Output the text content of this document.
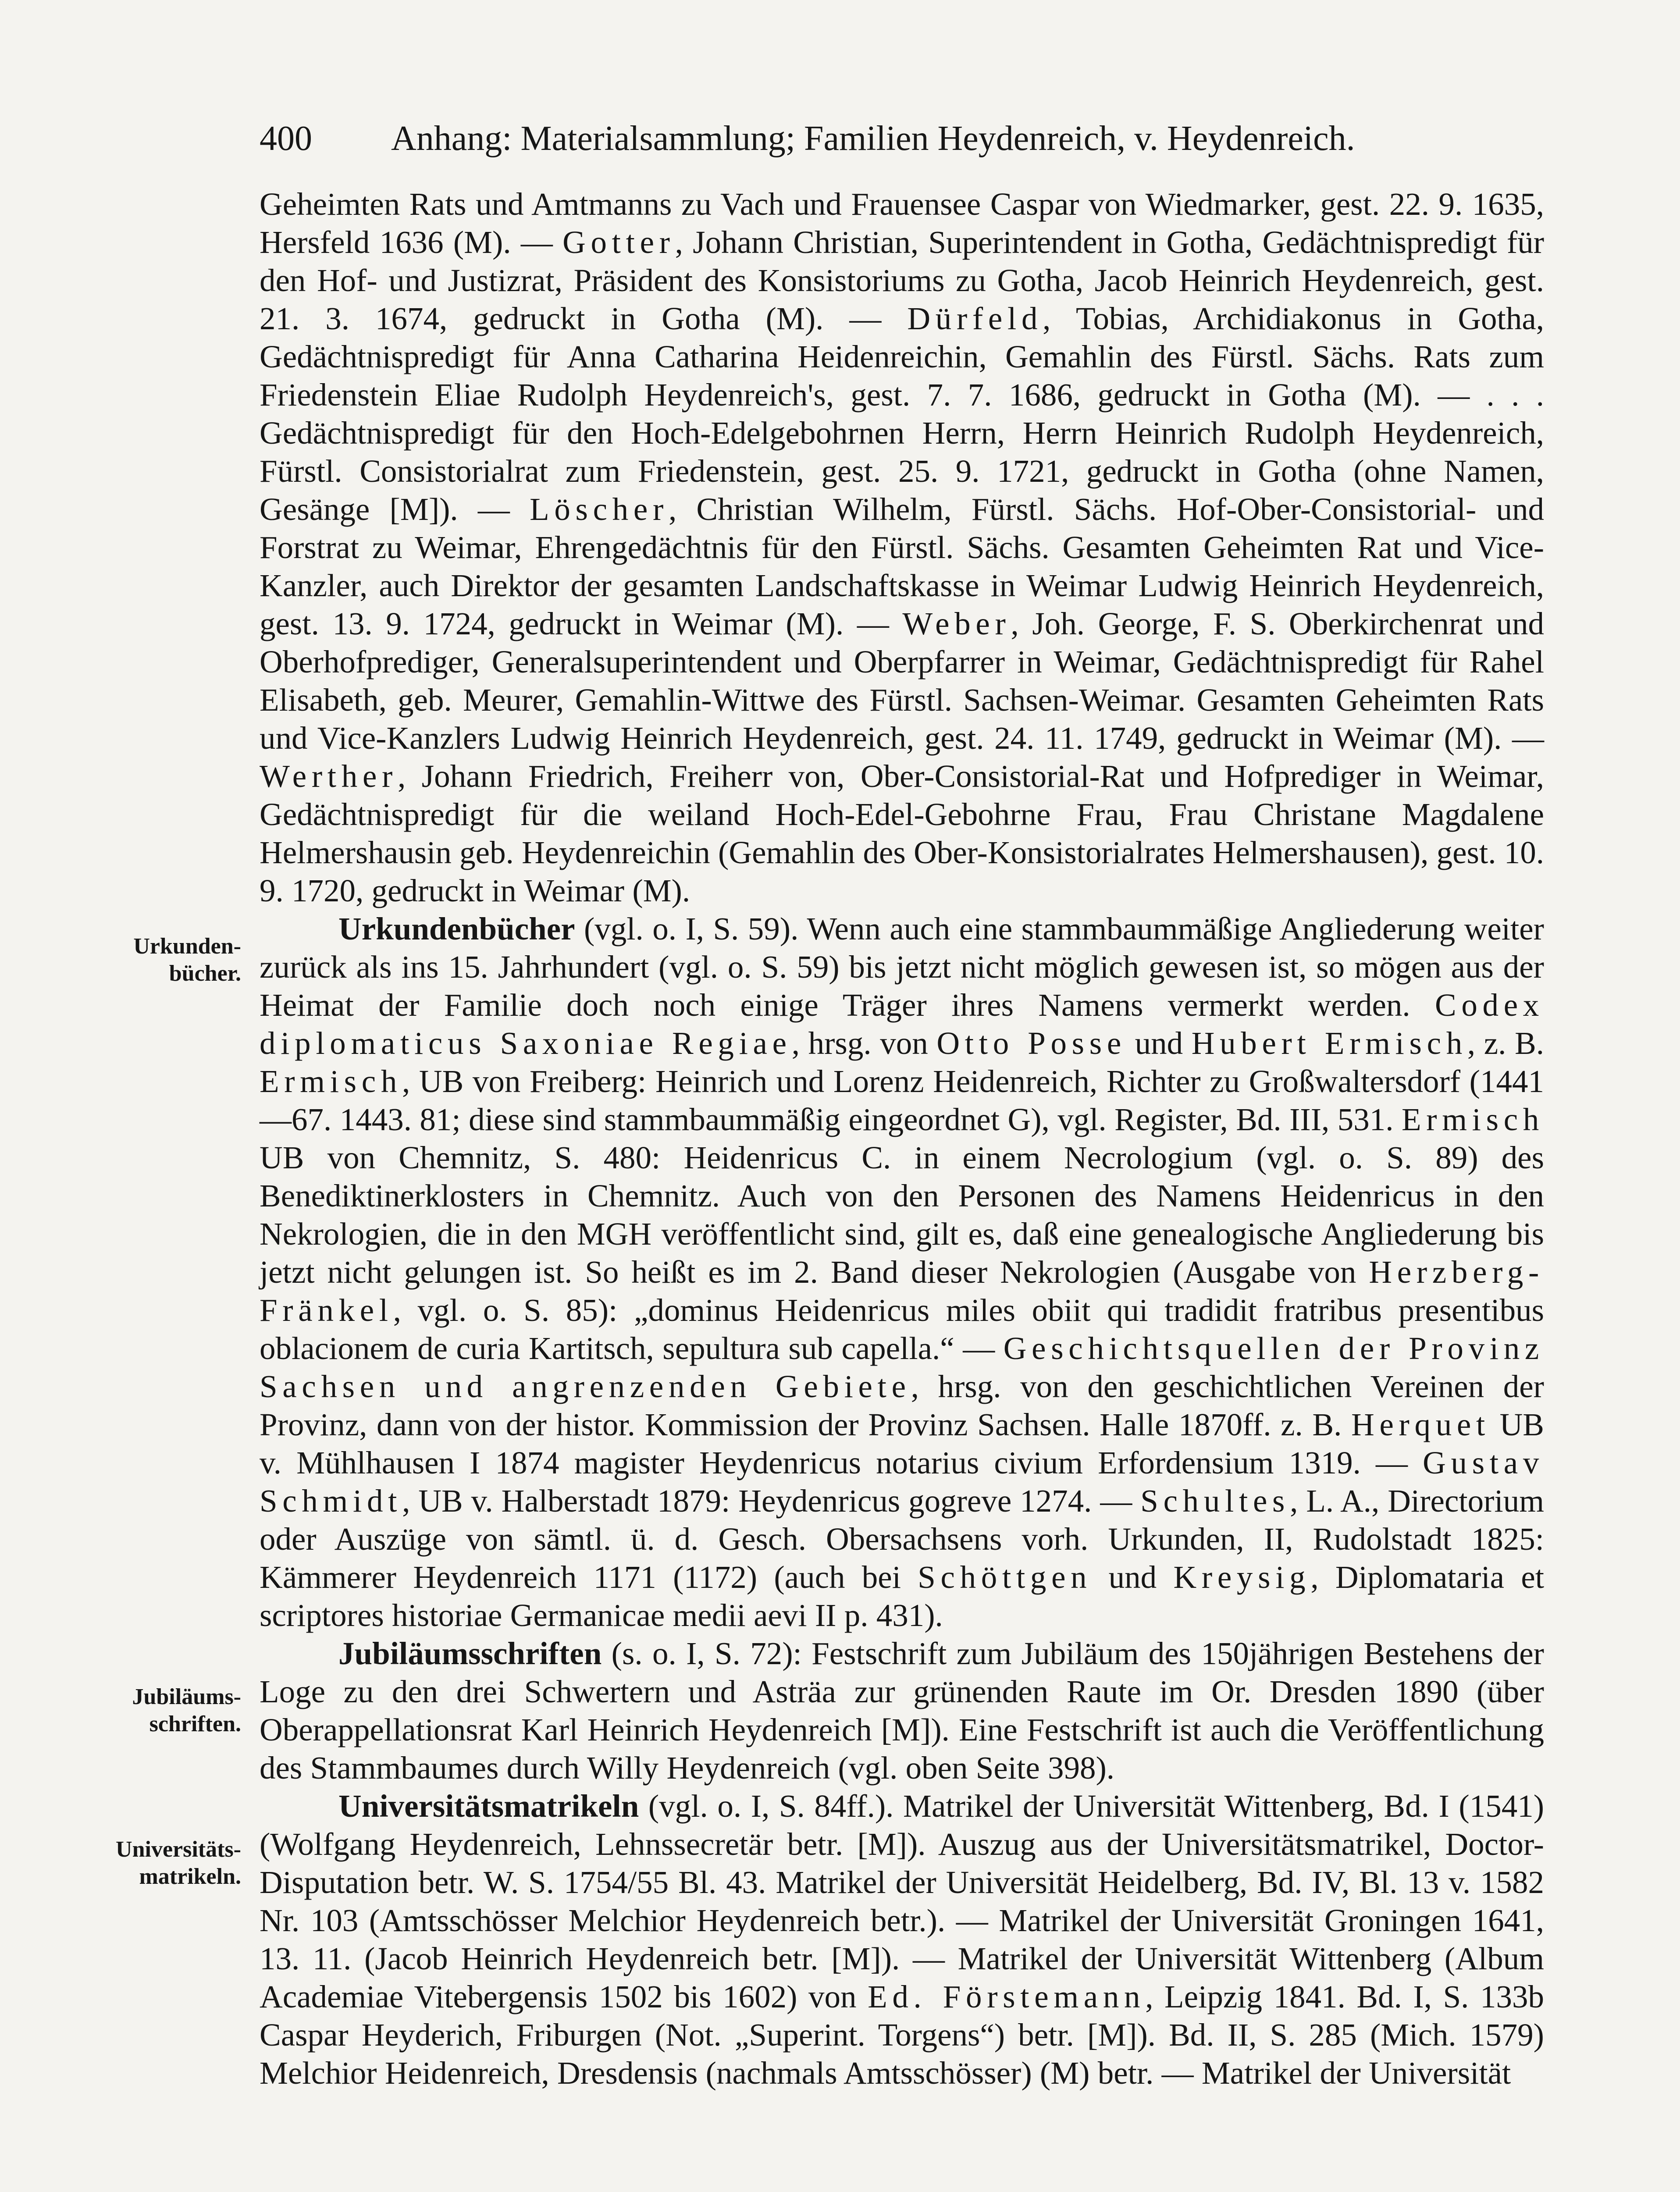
400 Anhang: Materialsammlung; Familien Heydenreich, v. Heydenreich.
Urkunden-
bücher.
Jubiläums-
schriften.
Universitäts-
matrikeln.

Geheimten Rats und Amtmanns zu Vach und Frauensee Caspar von Wiedmarker, gest. 22. 9. 1635, Hersfeld 1636 (M). — Gotter, Johann Christian, Superintendent in Gotha, Gedächtnispredigt für den Hof- und Justizrat, Präsident des Konsistoriums zu Gotha, Jacob Heinrich Heydenreich, gest. 21. 3. 1674, gedruckt in Gotha (M). — Dürfeld, Tobias, Archidiakonus in Gotha, Gedächtnispredigt für Anna Catharina Heidenreichin, Gemahlin des Fürstl. Sächs. Rats zum Friedenstein Eliae Rudolph Heydenreich's, gest. 7. 7. 1686, gedruckt in Gotha (M). — . . . Gedächtnispredigt für den Hoch-Edelgebohrnen Herrn, Herrn Heinrich Rudolph Heydenreich, Fürstl. Consistorialrat zum Friedenstein, gest. 25. 9. 1721, gedruckt in Gotha (ohne Namen, Gesänge [M]). — Löscher, Christian Wilhelm, Fürstl. Sächs. Hof-Ober-Consistorial- und Forstrat zu Weimar, Ehrengedächtnis für den Fürstl. Sächs. Gesamten Geheimten Rat und Vice-Kanzler, auch Direktor der gesamten Landschaftskasse in Weimar Ludwig Heinrich Heydenreich, gest. 13. 9. 1724, gedruckt in Weimar (M). — Weber, Joh. George, F. S. Oberkirchenrat und Oberhofprediger, Generalsuperintendent und Oberpfarrer in Weimar, Gedächtnispredigt für Rahel Elisabeth, geb. Meurer, Gemahlin-Wittwe des Fürstl. Sachsen-Weimar. Gesamten Geheimten Rats und Vice-Kanzlers Ludwig Heinrich Heydenreich, gest. 24. 11. 1749, gedruckt in Weimar (M). — Werther, Johann Friedrich, Freiherr von, Ober-Consistorial-Rat und Hofprediger in Weimar, Gedächtnispredigt für die weiland Hoch-Edel-Gebohrne Frau, Frau Christane Magdalene Helmershausin geb. Heydenreichin (Gemahlin des Ober-Konsistorialrates Helmershausen), gest. 10. 9. 1720, gedruckt in Weimar (M).

Urkundenbücher (vgl. o. I, S. 59). Wenn auch eine stammbaummäßige Angliederung weiter zurück als ins 15. Jahrhundert (vgl. o. S. 59) bis jetzt nicht möglich gewesen ist, so mögen aus der Heimat der Familie doch noch einige Träger ihres Namens vermerkt werden. Codex diplomaticus Saxoniae Regiae, hrsg. von Otto Posse und Hubert Ermisch, z. B. Ermisch, UB von Freiberg: Heinrich und Lorenz Heidenreich, Richter zu Großwaltersdorf (1441—67. 1443. 81; diese sind stammbaummäßig eingeordnet G), vgl. Register, Bd. III, 531. Ermisch UB von Chemnitz, S. 480: Heidenricus C. in einem Necrologium (vgl. o. S. 89) des Benediktinerklosters in Chemnitz. Auch von den Personen des Namens Heidenricus in den Nekrologien, die in den MGH veröffentlicht sind, gilt es, daß eine genealogische Angliederung bis jetzt nicht gelungen ist. So heißt es im 2. Band dieser Nekrologien (Ausgabe von Herzberg-Fränkel, vgl. o. S. 85): „dominus Heidenricus miles obiit qui tradidit fratribus presentibus oblacionem de curia Kartitsch, sepultura sub capella.“ — Geschichtsquellen der Provinz Sachsen und angrenzenden Gebiete, hrsg. von den geschichtlichen Vereinen der Provinz, dann von der histor. Kommission der Provinz Sachsen. Halle 1870ff. z. B. Herquet UB v. Mühlhausen I 1874 magister Heydenricus notarius civium Erfordensium 1319. — Gustav Schmidt, UB v. Halberstadt 1879: Heydenricus gogreve 1274. — Schultes, L. A., Directorium oder Auszüge von sämtl. ü. d. Gesch. Obersachsens vorh. Urkunden, II, Rudolstadt 1825: Kämmerer Heydenreich 1171 (1172) (auch bei Schöttgen und Kreysig, Diplomataria et scriptores historiae Germanicae medii aevi II p. 431).

Jubiläumsschriften (s. o. I, S. 72): Festschrift zum Jubiläum des 150jährigen Bestehens der Loge zu den drei Schwertern und Asträa zur grünenden Raute im Or. Dresden 1890 (über Oberappellationsrat Karl Heinrich Heydenreich [M]). Eine Festschrift ist auch die Veröffentlichung des Stammbaumes durch Willy Heydenreich (vgl. oben Seite 398).

Universitätsmatrikeln (vgl. o. I, S. 84ff.). Matrikel der Universität Wittenberg, Bd. I (1541) (Wolfgang Heydenreich, Lehnssecretär betr. [M]). Auszug aus der Universitätsmatrikel, Doctor-Disputation betr. W. S. 1754/55 Bl. 43. Matrikel der Universität Heidelberg, Bd. IV, Bl. 13 v. 1582 Nr. 103 (Amtsschösser Melchior Heydenreich betr.). — Matrikel der Universität Groningen 1641, 13. 11. (Jacob Heinrich Heydenreich betr. [M]). — Matrikel der Universität Wittenberg (Album Academiae Vitebergensis 1502 bis 1602) von Ed. Förstemann, Leipzig 1841. Bd. I, S. 133b Caspar Heyderich, Friburgen (Not. „Superint. Torgens“) betr. [M]). Bd. II, S. 285 (Mich. 1579) Melchior Heidenreich, Dresdensis (nachmals Amtsschösser) (M) betr. — Matrikel der Universität
